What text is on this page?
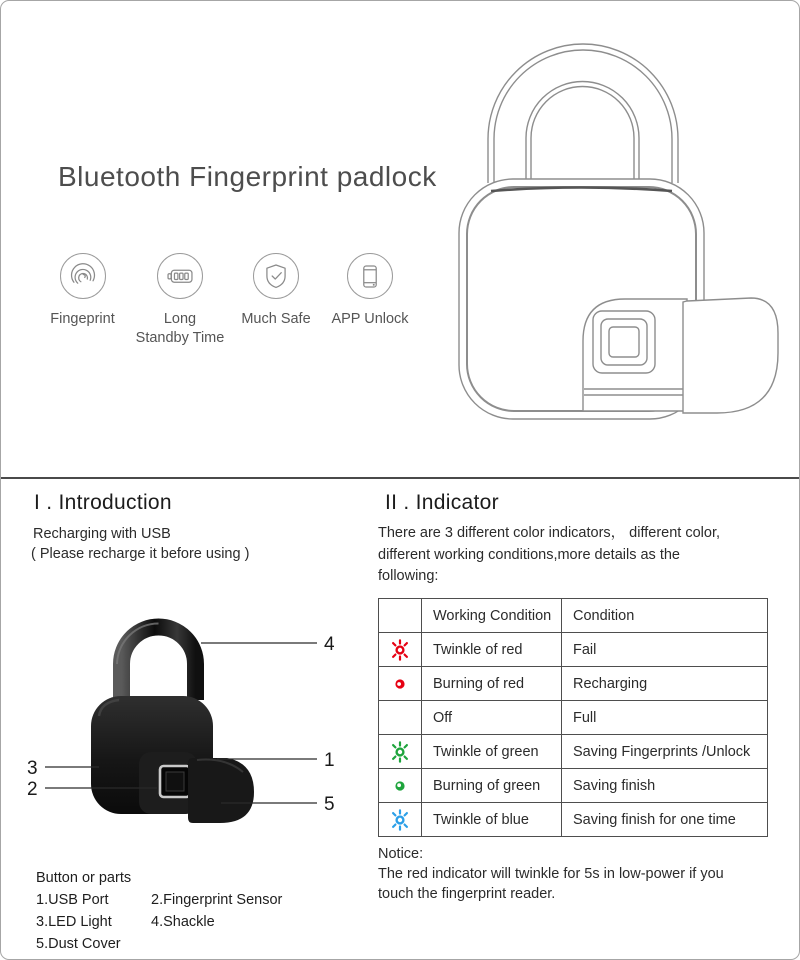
Bluetooth Fingerprint padlock
Fingeprint	Long
Standby Time
Much Safe APP Unlock
I . Introduction
Recharging with USB
( Please recharge it before using )
4
1
5
3
2
Button or parts
1.USB Port	2.Fingerprint Sensor
3.LED Light	4.Shackle
5.Dust Cover
II . Indicator
There are 3 different color indicators， different color,
different working conditions,more details as the
following:
	Working Condition	Condition
	Twinkle of red	Fail
	Burning of red	Recharging
	Off	Full
	Twinkle of green	Saving Fingerprints /Unlock
	Burning of green	Saving finish
	Twinkle of blue	Saving finish for one time
Notice:
The red indicator will twinkle for 5s in low-power if you
touch the fingerprint reader.
